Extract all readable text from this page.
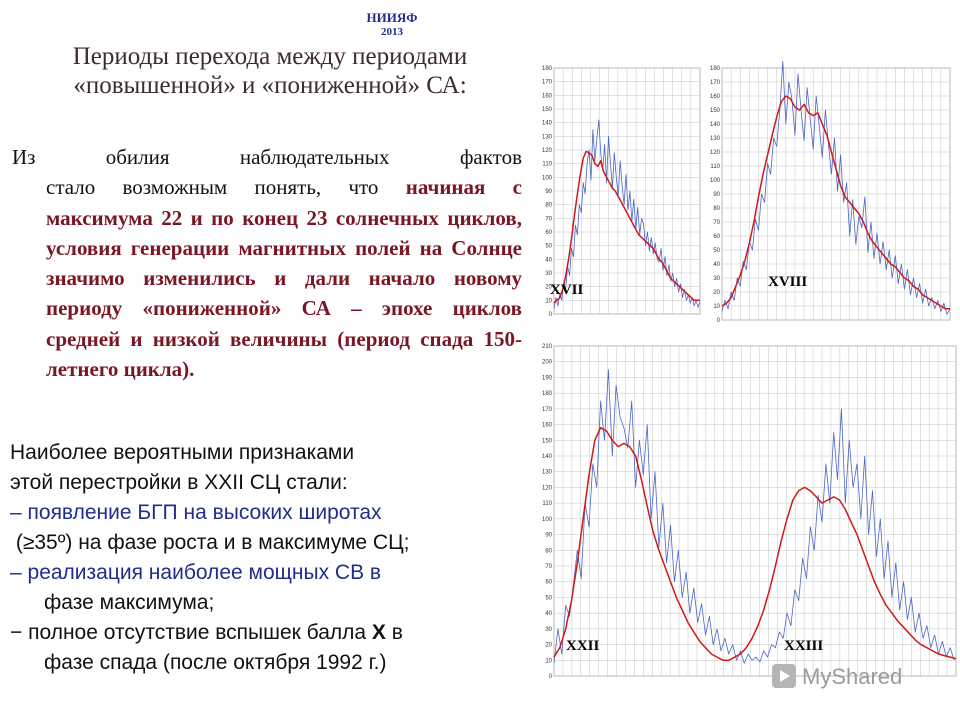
НИИЯФ
2013
Периоды перехода между периодами «повышенной» и «пониженной» СА:

Из обилия наблюдательных фактов
стало возможным понять, что начиная с максимума 22 и по конец 23 солнечных циклов, условия генерации магнитных полей на Солнце значимо изменились и дали начало новому периоду «пониженной» СА – эпохе циклов средней и низкой величины (период спада 150-летнего цикла).

Наиболее вероятными признаками
этой перестройки в XXII СЦ стали:
– появление БГП на высоких широтах
(≥35º) на фазе роста и в максимуме СЦ;
– реализация наиболее мощных СВ в
фазе максимума;
− полное отсутствие вспышек балла Х в
фазе спада (после октября 1992 г.)
0
10
20
30
40
50
60
70
80
90
100
110
120
130
140
150
160
170
180
XVII
0
10
20
30
40
50
60
70
80
90
100
110
120
130
140
150
160
170
180
XVIII
0
10
20
30
40
50
60
70
80
90
100
110
120
130
140
150
160
170
180
190
200
210
XXII	XXIII
MyShared
